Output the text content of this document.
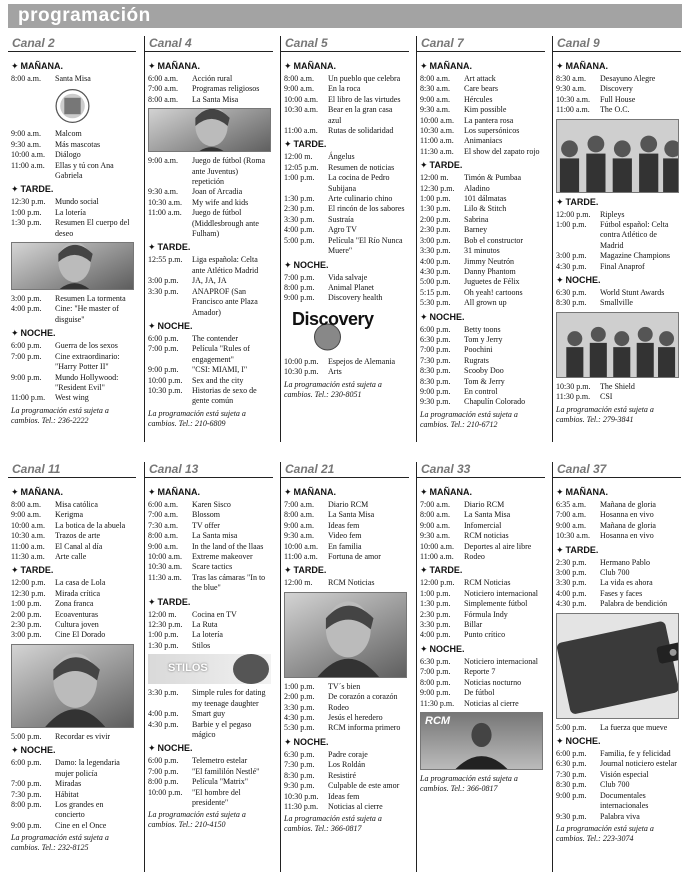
programación
Canal 2
✦ MAÑANA.
8:00 a.m.	Santa Misa
9:00 a.m.	Malcom
9:30 a.m.	Más mascotas
10:00 a.m.	Diálogo
11:00 a.m.	Ellas y tú con Ana Gabriela
✦ TARDE.
12:30 p.m.	Mundo social
1:00 p.m.	La lotería
1:30 p.m.	Resumen El cuerpo del deseo
3:00 p.m.	Resumen La tormenta
4:00 p.m.	Cine: "He master of disguise"
✦ NOCHE.
6:00 p.m.	Guerra de los sexos
7:00 p.m.	Cine extraordinario: "Harry Potter II"
9:00 p.m.	Mundo Hollywood: "Resident Evil"
11:00 p.m.	West wing
La programación está sujeta a cambios. Tel.: 236-2222
Canal 4
✦ MAÑANA.
6:00 a.m.	Acción rural
7:00 a.m.	Programas religiosos
8:00 a.m.	La Santa Misa
9:00 a.m.	Juego de fútbol (Roma ante Juventus) repetición
9:30 a.m.	Joan of Arcadia
10:30 a.m.	My wife and kids
11:00 a.m.	Juego de fútbol (Middlesbrough ante Fulham)
✦ TARDE.
12:55 p.m.	Liga española: Celta ante Atlético Madrid
3:00 p.m.	JA, JA, JA
3:30 p.m.	ANAPROF (San Francisco ante Plaza Amador)
✦ NOCHE.
6:00 p.m.	The contender
7:00 p.m.	Película "Rules of engagement"
9:00 p.m.	"CSI: MIAMI, I"
10:00 p.m.	Sex and the city
10:30 p.m.	Historias de sexo de gente común
La programación está sujeta a cambios. Tel.: 210-6809
Canal 5
✦ MAÑANA.
8:00 a.m.	Un pueblo que celebra
9:00 a.m.	En la roca
10:00 a.m.	El libro de las virtudes
10:30 a.m.	Bear en la gran casa azul
11:00 a.m.	Rutas de solidaridad
✦ TARDE.
12:00 m.	Ángelus
12:05 p.m.	Resumen de noticias
1:00 p.m.	La cocina de Pedro Subijana
1:30 p.m.	Arte culinario chino
2:30 p.m.	El rincón de los sabores
3:30 p.m.	Sustraía
4:00 p.m.	Agro TV
5:00 p.m.	Película "El Río Nunca Muere"
✦ NOCHE.
7:00 p.m.	Vida salvaje
8:00 p.m.	Animal Planet
9:00 p.m.	Discovery health
Discovery
10:00 p.m.	Espejos de Alemania
10:30 p.m.	Arts
La programación está sujeta a cambios. Tel.: 230-8051
Canal 7
✦ MAÑANA.
8:00 a.m.	Art attack
8:30 a.m.	Care bears
9:00 a.m.	Hércules
9:30 a.m.	Kim possible
10:00 a.m.	La pantera rosa
10:30 a.m.	Los supersónicos
11:00 a.m.	Animaniacs
11:30 a.m.	El show del zapato rojo
✦ TARDE.
12:00 m.	Timón & Pumbaa
12:30 p.m.	Aladino
1:00 p.m.	101 dálmatas
1:30 p.m.	Lilo & Stitch
2:00 p.m.	Sabrina
2:30 p.m.	Barney
3:00 p.m.	Bob el constructor
3:30 p.m.	31 minutos
4:00 p.m.	Jimmy Neutrón
4:30 p.m.	Danny Phantom
5:00 p.m.	Juguetes de Félix
5:15 p.m.	Oh yeah! cartoons
5:30 p.m.	All grown up
✦ NOCHE.
6:00 p.m.	Betty toons
6:30 p.m.	Tom y Jerry
7:00 p.m.	Poochini
7:30 p.m.	Rugrats
8:30 p.m.	Scooby Doo
8:30 p.m.	Tom & Jerry
9:00 p.m.	En control
9:30 p.m.	Chapulín Colorado
La programación está sujeta a cambios. Tel.: 210-6712
Canal 9
✦ MAÑANA.
8:30 a.m.	Desayuno Alegre
9:30 a.m.	Discovery
10:30 a.m.	Full House
11:00 a.m.	The O.C.
✦ TARDE.
12:00 p.m.	Ripleys
1:00 p.m.	Fútbol español: Celta contra Atlético de Madrid
3:00 p.m.	Magazine Champions
4:30 p.m.	Final Anaprof
✦ NOCHE.
6:30 p.m.	World Stunt Awards
8:30 p.m.	Smallville
10:30 p.m.	The Shield
11:30 p.m.	CSI
La programación está sujeta a cambios. Tel.: 279-3841
Canal 11
✦ MAÑANA.
8:00 a.m.	Misa católica
9:00 a.m.	Kerigma
10:00 a.m.	La botica de la abuela
10:30 a.m.	Trazos de arte
11:00 a.m.	El Canal al día
11:30 a.m.	Arte calle
✦ TARDE.
12:00 p.m.	La casa de Lola
12:30 p.m.	Mirada crítica
1:00 p.m.	Zona franca
2:00 p.m.	Ecoaventuras
2:30 p.m.	Cultura joven
3:00 p.m.	Cine El Dorado
5:00 p.m.	Recordar es vivir
✦ NOCHE.
6:00 p.m.	Damo: la legendaria mujer policía
7:00 p.m.	Miradas
7:30 p.m.	Hábitat
8:00 p.m.	Los grandes en concierto
9:00 p.m.	Cine en el Once
La programación está sujeta a cambios. Tel.: 232-8125
Canal 13
✦ MAÑANA.
6:00 a.m.	Karen Sisco
7:00 a.m.	Blossom
7:30 a.m.	TV offer
8:00 a.m.	La Santa misa
9:00 a.m.	In the land of the llaas
10:00 a.m.	Extreme makeover
10:30 a.m.	Scare tactics
11:30 a.m.	Tras las cámaras "In to the blue"
✦ TARDE.
12:00 m.	Cocina en TV
12:30 p.m.	La Ruta
1:00 p.m.	La lotería
1:30 p.m.	Stilos
STILOS
3:30 p.m.	Simple rules for dating my teenage daughter
4:00 p.m.	Smart guy
4:30 p.m.	Barbie y el pegaso mágico
✦ NOCHE.
6:00 p.m.	Telemetro estelar
7:00 p.m.	"El famililón Nestlé"
8:00 p.m.	Película "Matrix"
10:00 p.m.	"El hombre del presidente"
La programación está sujeta a cambios. Tel.: 210-4150
Canal 21
✦ MAÑANA.
7:00 a.m.	Diario RCM
8:00 a.m.	La Santa Misa
9:00 a.m.	Ideas fem
9:30 a.m.	Video fem
10:00 a.m.	En familia
11:00 a.m.	Fortuna de amor
✦ TARDE.
12:00 m.	RCM Noticias
1:00 p.m.	TV´s bien
2:00 p.m.	De corazón a corazón
3:30 p.m.	Rodeo
4:30 p.m.	Jesús el heredero
5:30 p.m.	RCM informa primero
✦ NOCHE.
6:30 p.m.	Padre coraje
7:30 p.m.	Los Roldán
8:30 p.m.	Resistiré
9:30 p.m.	Culpable de este amor
10:30 p.m.	Ideas fem
11:30 p.m.	Noticias al cierre
La programación está sujeta a cambios. Tel.: 366-0817
Canal 33
✦ MAÑANA.
7:00 a.m.	Diario RCM
8:00 a.m.	La Santa Misa
9:00 a.m.	Infomercial
9:30 a.m.	RCM noticias
10:00 a.m.	Deportes al aire libre
11:00 a.m.	Rodeo
✦ TARDE.
12:00 p.m.	RCM Noticias
1:00 p.m.	Noticiero internacional
1:30 p.m.	Simplemente fútbol
2:30 p.m.	Fórmula Indy
3:30 p.m.	Billar
4:00 p.m.	Punto crítico
✦ NOCHE.
6:30 p.m.	Noticiero internacional
7:00 p.m.	Reporte 7
8:00 p.m.	Noticias nocturno
9:00 p.m.	De fútbol
11:30 p.m.	Noticias al cierre
RCM
La programación está sujeta a cambios. Tel.: 366-0817
Canal 37
✦ MAÑANA.
6:35 a.m.	Mañana de gloria
7:00 a.m.	Hosanna en vivo
9:00 a.m.	Mañana de gloria
10:30 a.m.	Hosanna en vivo
✦ TARDE.
2:30 p.m.	Hermano Pablo
3:00 p.m.	Club 700
3:30 p.m.	La vida es ahora
4:00 p.m.	Fases y faces
4:30 p.m.	Palabra de bendición
5:00 p.m.	La fuerza que mueve
✦ NOCHE.
6:00 p.m.	Familia, fe y felicidad
6:30 p.m.	Journal noticiero estelar
7:30 p.m.	Visión especial
8:30 p.m.	Club 700
9:00 p.m.	Documentales internacionales
9:30 p.m.	Palabra viva
La programación está sujeta a cambios. Tel.: 223-3074
